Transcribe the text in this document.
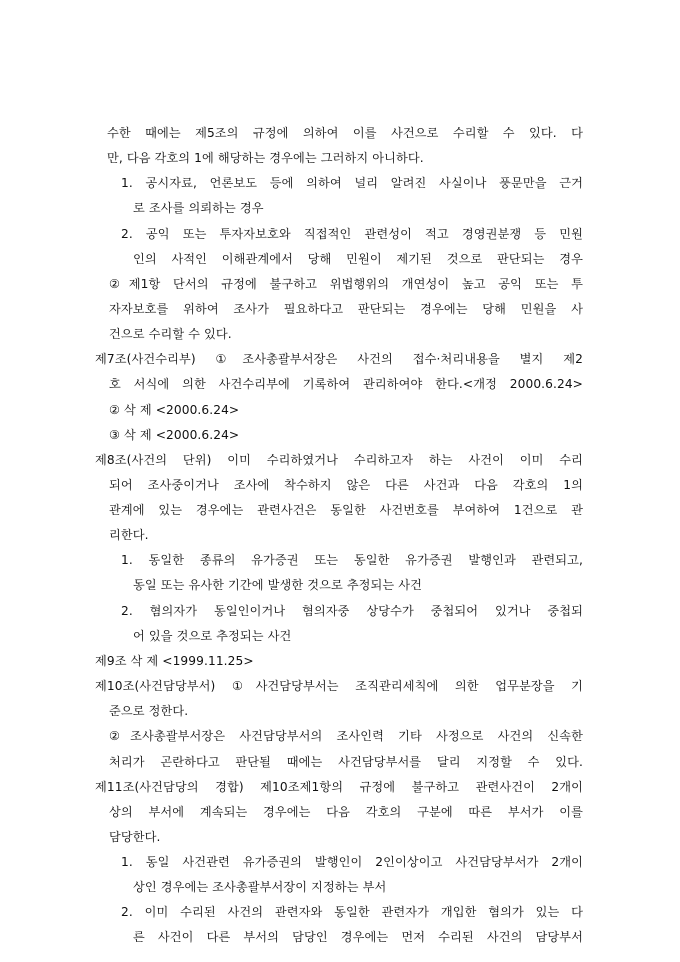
수한 때에는 제5조의 규정에 의하여 이를 사건으로 수리할 수 있다. 다
만, 다음 각호의 1에 해당하는 경우에는 그러하지 아니하다.
1. 공시자료, 언론보도 등에 의하여 널리 알려진 사실이나 풍문만을 근거
로 조사를 의뢰하는 경우
2. 공익 또는 투자자보호와 직접적인 관련성이 적고 경영권분쟁 등 민원
인의 사적인 이해관계에서 당해 민원이 제기된 것으로 판단되는 경우
②제1항 단서의 규정에 불구하고 위법행위의 개연성이 높고 공익 또는 투
자자보호를 위하여 조사가 필요하다고 판단되는 경우에는 당해 민원을 사
건으로 수리할 수 있다.
제7조(사건수리부) ①조사총괄부서장은 사건의 접수·처리내용을 별지 제2
호 서식에 의한 사건수리부에 기록하여 관리하여야 한다.<개정 2000.6.24>
② 삭 제 <2000.6.24>
③ 삭 제 <2000.6.24>
제8조(사건의 단위) 이미 수리하였거나 수리하고자 하는 사건이 이미 수리
되어 조사중이거나 조사에 착수하지 않은 다른 사건과 다음 각호의 1의
관계에 있는 경우에는 관련사건은 동일한 사건번호를 부여하여 1건으로 관
리한다.
1. 동일한 종류의 유가증권 또는 동일한 유가증권 발행인과 관련되고,
동일 또는 유사한 기간에 발생한 것으로 추정되는 사건
2. 혐의자가 동일인이거나 혐의자중 상당수가 중첩되어 있거나 중첩되
어 있을 것으로 추정되는 사건
제9조 삭 제 <1999.11.25>
제10조(사건담당부서) ①사건담당부서는 조직관리세칙에 의한 업무분장을 기
준으로 정한다.
②조사총괄부서장은 사건담당부서의 조사인력 기타 사정으로 사건의 신속한
처리가 곤란하다고 판단될 때에는 사건담당부서를 달리 지정할 수 있다.
제11조(사건담당의 경합) 제10조제1항의 규정에 불구하고 관련사건이 2개이
상의 부서에 계속되는 경우에는 다음 각호의 구분에 따른 부서가 이를
담당한다.
1. 동일 사건관련 유가증권의 발행인이 2인이상이고 사건담당부서가 2개이
상인 경우에는 조사총괄부서장이 지정하는 부서
2. 이미 수리된 사건의 관련자와 동일한 관련자가 개입한 혐의가 있는 다
른 사건이 다른 부서의 담당인 경우에는 먼저 수리된 사건의 담당부서
